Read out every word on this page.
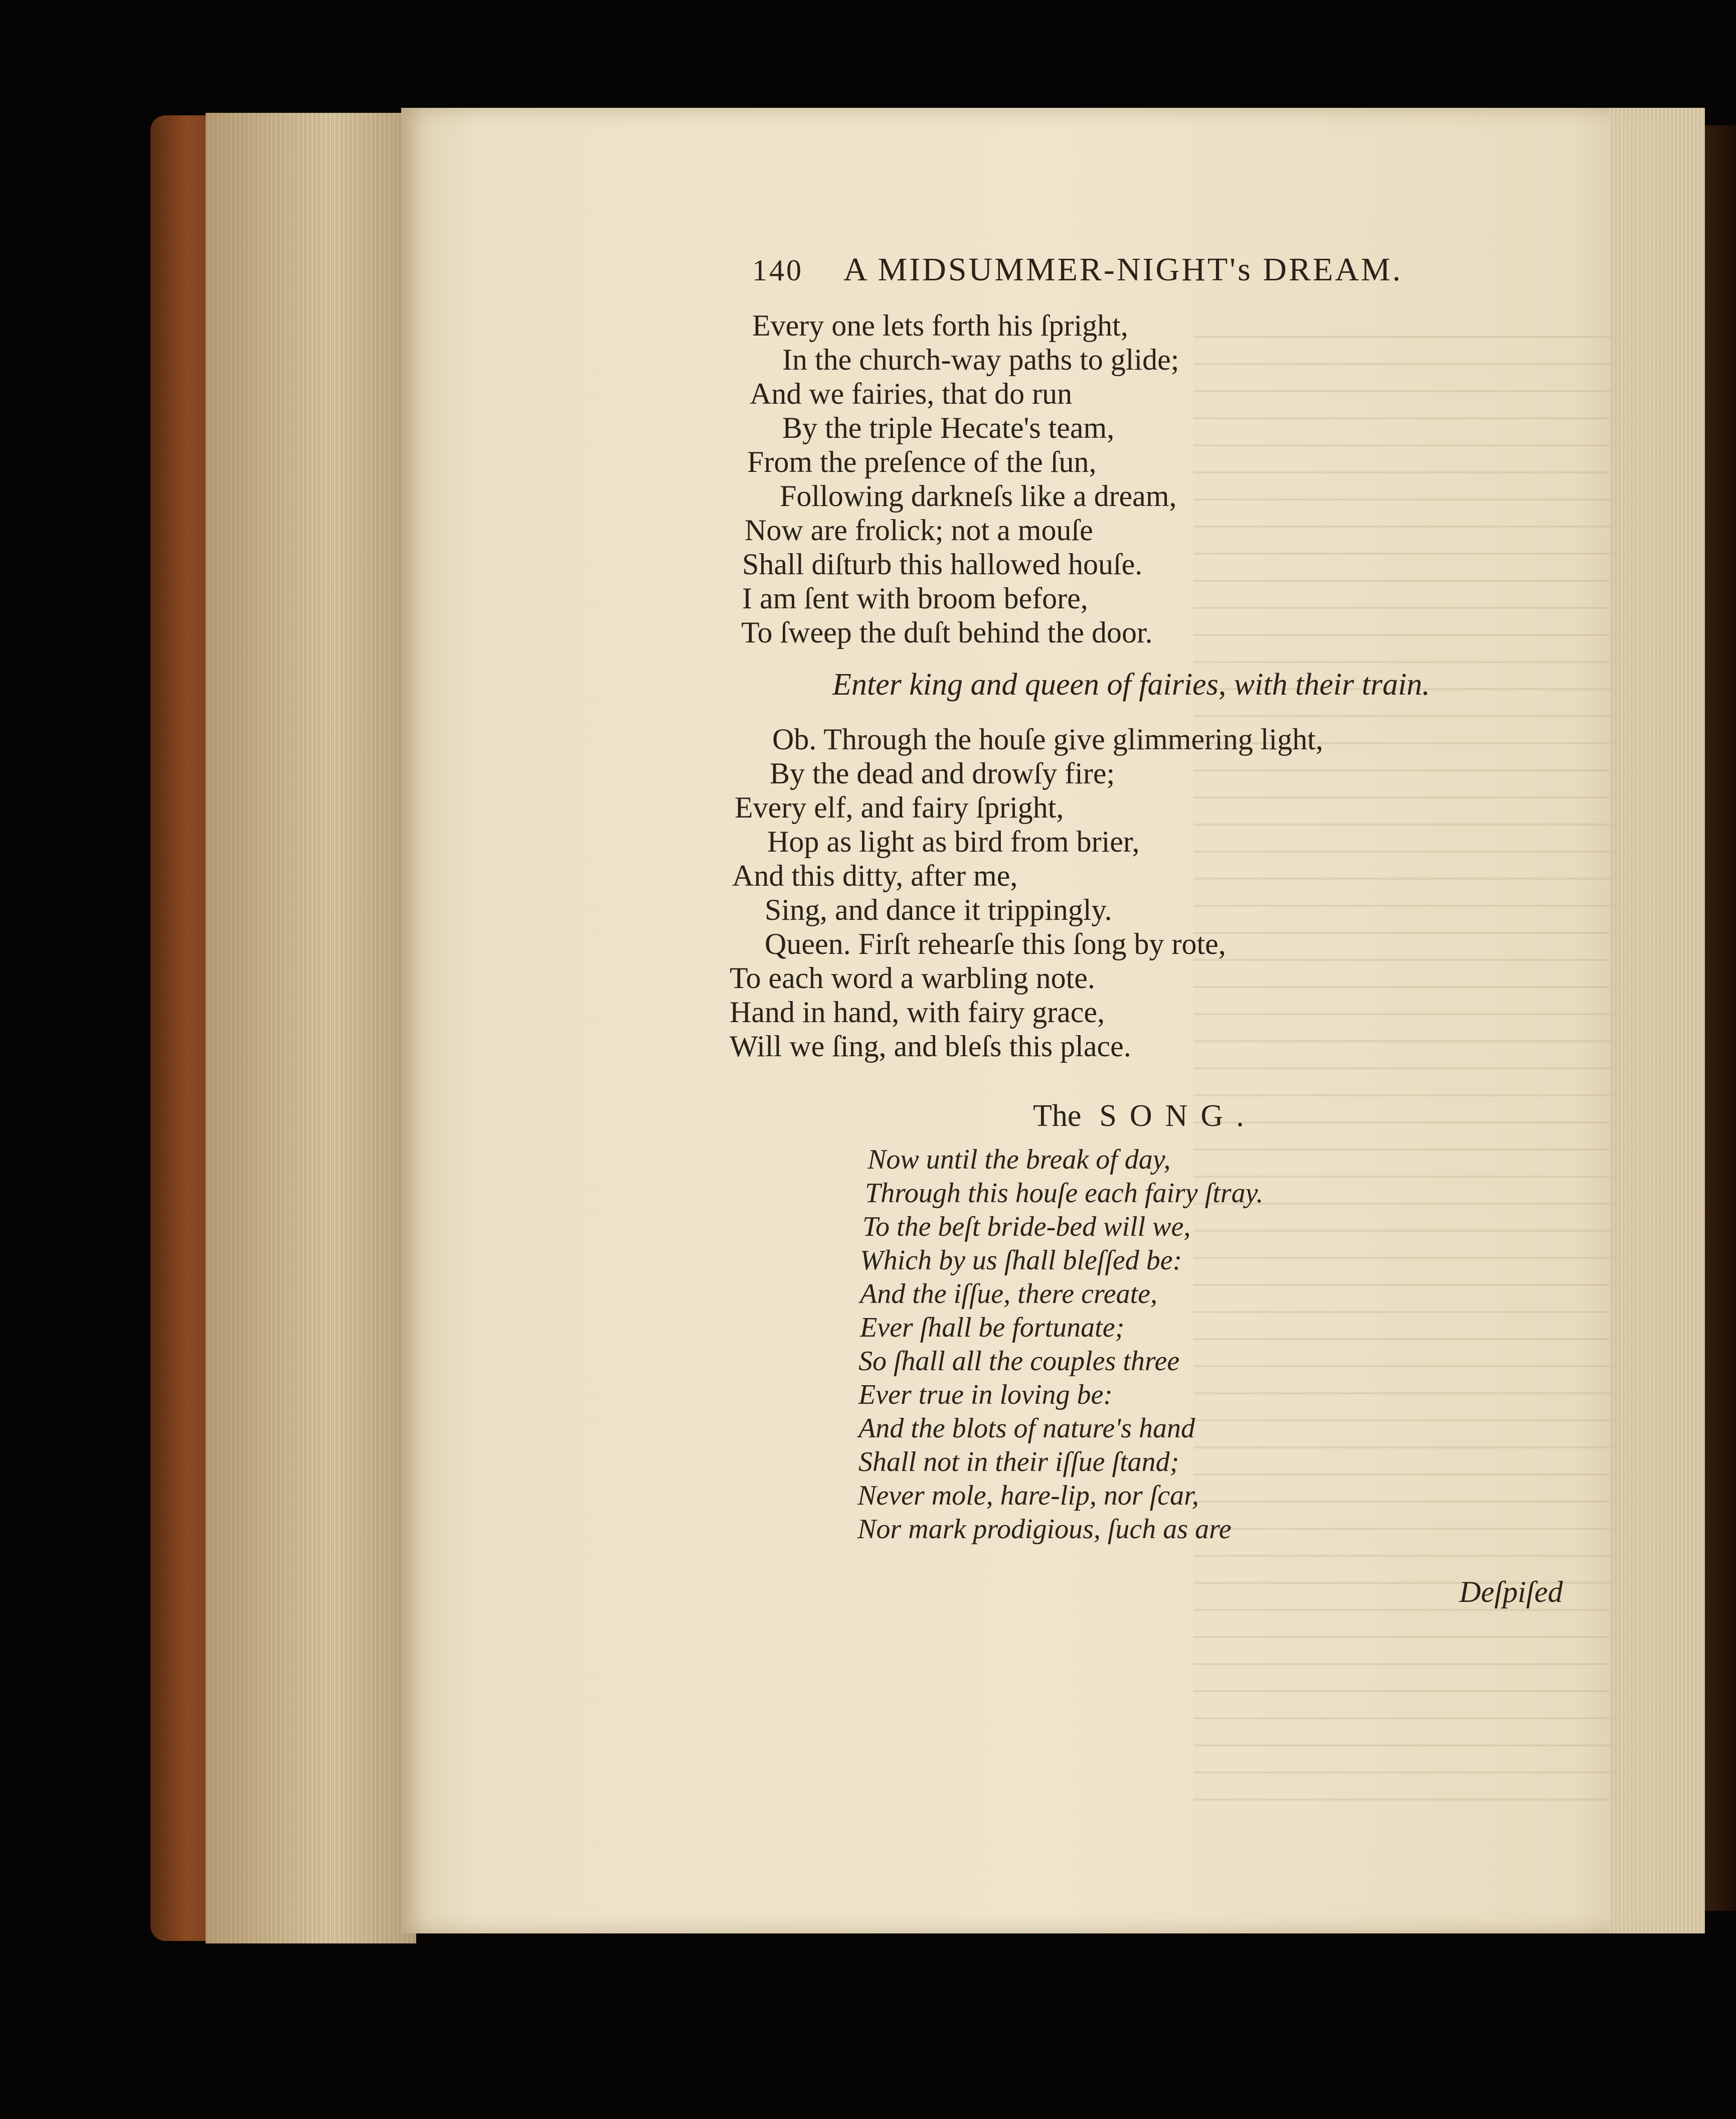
140 A MIDSUMMER-NIGHT's DREAM.
Every one lets forth his ſpright,
In the church-way paths to glide;
And we fairies, that do run
By the triple Hecate's team,
From the preſence of the ſun,
Following darkneſs like a dream,
Now are frolick; not a mouſe
Shall diſturb this hallowed houſe.
I am ſent with broom before,
To ſweep the duſt behind the door.
Enter king and queen of fairies, with their train.
Ob. Through the houſe give glimmering light,
By the dead and drowſy fire;
Every elf, and fairy ſpright,
Hop as light as bird from brier,
And this ditty, after me,
Sing, and dance it trippingly.
Queen. Firſt rehearſe this ſong by rote,
To each word a warbling note.
Hand in hand, with fairy grace,
Will we ſing, and bleſs this place.
The SONG.
Now until the break of day,
Through this houſe each fairy ſtray.
To the beſt bride-bed will we,
Which by us ſhall bleſſed be:
And the iſſue, there create,
Ever ſhall be fortunate;
So ſhall all the couples three
Ever true in loving be:
And the blots of nature's hand
Shall not in their iſſue ſtand;
Never mole, hare-lip, nor ſcar,
Nor mark prodigious, ſuch as are
Deſpiſed
